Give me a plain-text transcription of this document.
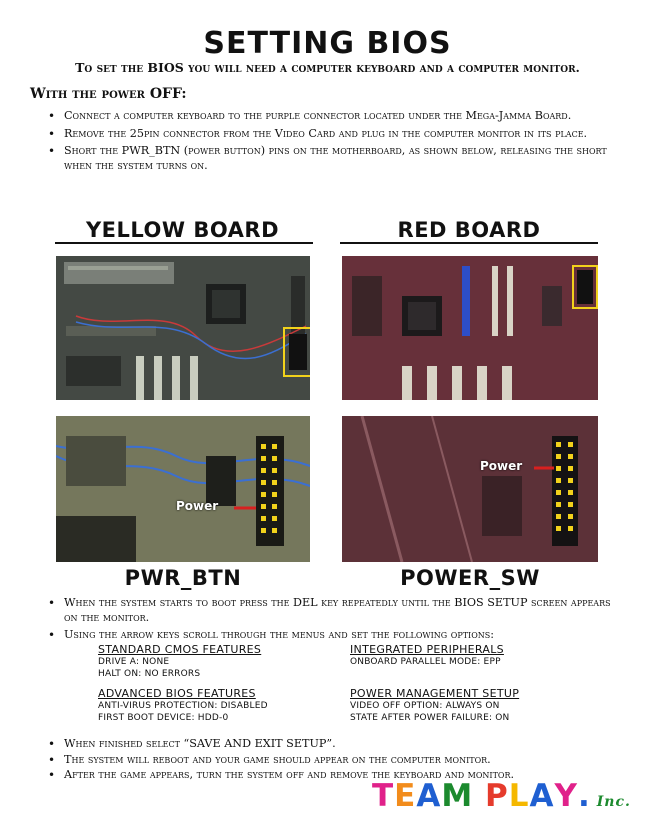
SETTING BIOS
To set the BIOS you will need a computer keyboard and a computer monitor.
With the power OFF:
• Connect a computer keyboard to the purple connector located under the Mega-Jamma Board.
• Remove the 25pin connector from the Video Card and plug in the computer monitor in its place.
• Short the PWR_BTN (power button) pins on the motherboard, as shown below, releasing the short when the system turns on.
YELLOW BOARD	RED BOARD
Power
Power
PWR_BTN	POWER_SW
• When the system starts to boot press the DEL key repeatedly until the BIOS SETUP screen appears on the monitor.
• Using the arrow keys scroll through the menus and set the following options:
STANDARD CMOS FEATURES
DRIVE A: NONE
HALT ON: NO ERRORS
INTEGRATED PERIPHERALS
ONBOARD PARALLEL MODE: EPP
ADVANCED BIOS FEATURES
ANTI-VIRUS PROTECTION: DISABLED
FIRST BOOT DEVICE: HDD-0
POWER MANAGEMENT SETUP
VIDEO OFF OPTION: ALWAYS ON
STATE AFTER POWER FAILURE: ON
• When finished select “SAVE AND EXIT SETUP”.
• The system will reboot and your game should appear on the computer monitor.
• After the game appears, turn the system off and remove the keyboard and monitor.
TEAM PLAY. Inc.
